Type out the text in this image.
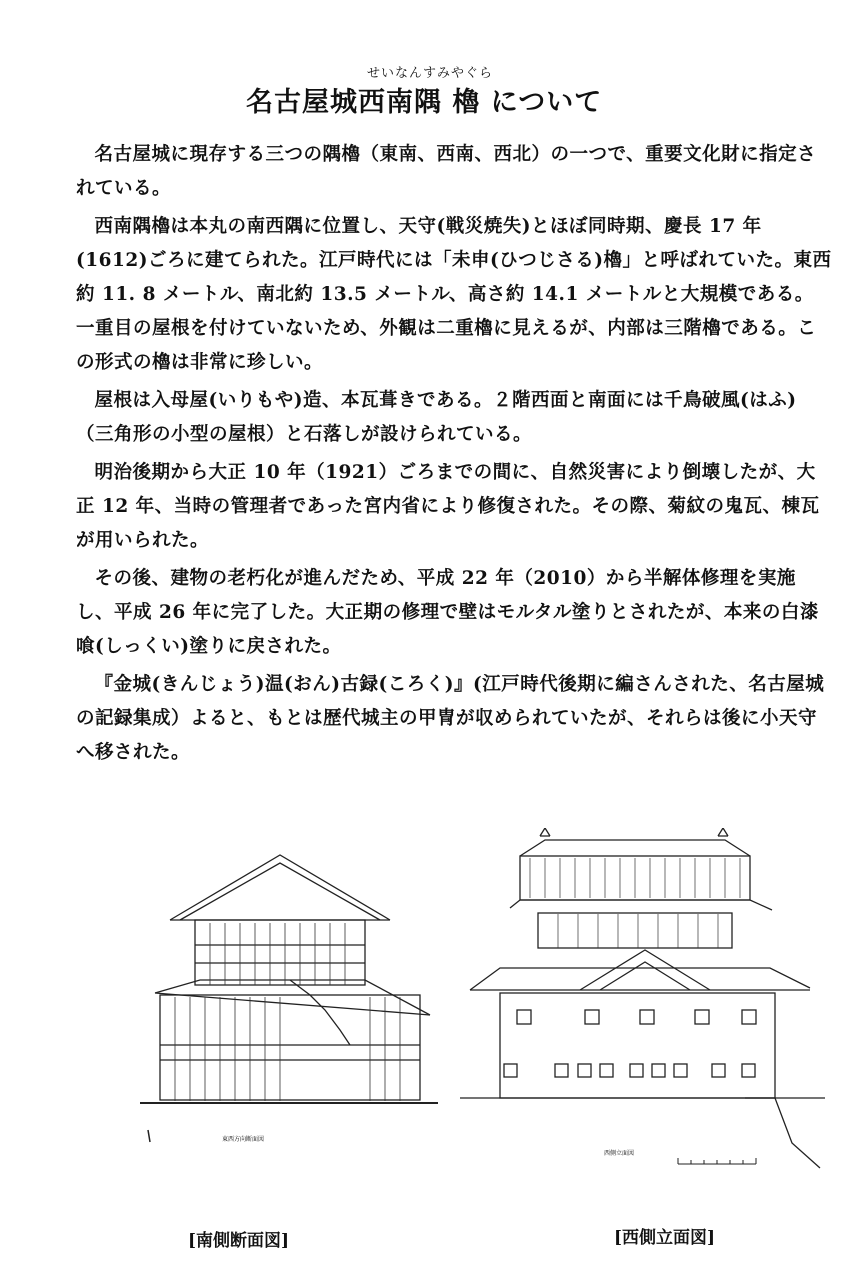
せいなんすみやぐら
名古屋城西南隅 櫓 について

名古屋城に現存する三つの隅櫓（東南、西南、西北）の一つで、重要文化財に指定されている。

西南隅櫓は本丸の南西隅に位置し、天守(戦災焼失)とほぼ同時期、慶長 17 年(1612)ごろに建てられた。江戸時代には「未申(ひつじさる)櫓」と呼ばれていた。東西約 11. 8 メートル、南北約 13.5 メートル、高さ約 14.1 メートルと大規模である。一重目の屋根を付けていないため、外観は二重櫓に見えるが、内部は三階櫓である。この形式の櫓は非常に珍しい。

屋根は入母屋(いりもや)造、本瓦葺きである。２階西面と南面には千鳥破風(はふ)（三角形の小型の屋根）と石落しが設けられている。

明治後期から大正 10 年（1921）ごろまでの間に、自然災害により倒壊したが、大正 12 年、当時の管理者であった宮内省により修復された。その際、菊紋の鬼瓦、棟瓦が用いられた。

その後、建物の老朽化が進んだため、平成 22 年（2010）から半解体修理を実施し、平成 26 年に完了した。大正期の修理で壁はモルタル塗りとされたが、本来の白漆喰(しっくい)塗りに戻された。

『金城(きんじょう)温(おん)古録(ころく)』(江戸時代後期に編さんされた、名古屋城の記録集成）よると、もとは歴代城主の甲冑が収められていたが、それらは後に小天守へ移された。

東西方向断面図
西側立面図
[南側断面図]	[西側立面図]
